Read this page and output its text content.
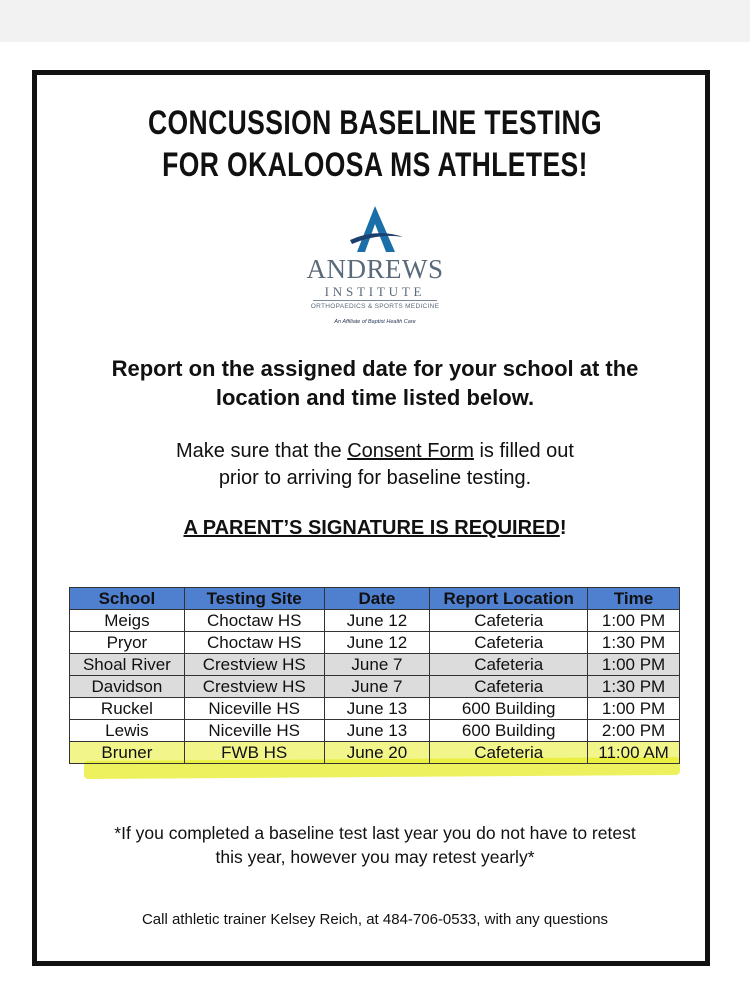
CONCUSSION BASELINE TESTING
FOR OKALOOSA MS ATHLETES!
ANDREWS
INSTITUTE
ORTHOPAEDICS & SPORTS MEDICINE
An Affiliate of Baptist Health Care
Report on the assigned date for your school at the
location and time listed below.
Make sure that the Consent Form is filled out
prior to arriving for baseline testing.
A PARENT’S SIGNATURE IS REQUIRED!
School	Testing Site	Date	Report Location	Time
Meigs	Choctaw HS	June 12	Cafeteria	1:00 PM
Pryor	Choctaw HS	June 12	Cafeteria	1:30 PM
Shoal River	Crestview HS	June 7	Cafeteria	1:00 PM
Davidson	Crestview HS	June 7	Cafeteria	1:30 PM
Ruckel	Niceville HS	June 13	600 Building	1:00 PM
Lewis	Niceville HS	June 13	600 Building	2:00 PM
Bruner	FWB HS	June 20	Cafeteria	11:00 AM
*If you completed a baseline test last year you do not have to retest
this year, however you may retest yearly*
Call athletic trainer Kelsey Reich, at 484-706-0533, with any questions
